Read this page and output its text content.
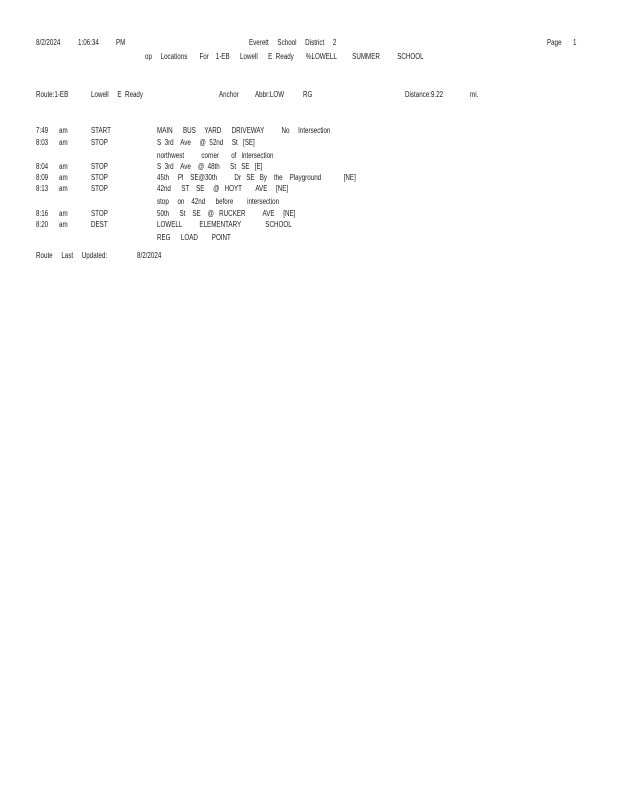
8/2/2024 1:06:34 PM	Everett     School     District     2	Page 1
op     Locations       For    1-EB      Lowell      E  Ready       %LOWELL         SUMMER          SCHOOL
Route:1-EB	Lowell     E  Ready	Anchor Abbr:LOW RG	Distance:9.22	mi.
7:49 am	START	MAIN      BUS     YARD      DRIVEWAY          No     Intersection
8:03 am	STOP	S  3rd    Ave     @  52nd     St   [SE]
northwest          corner       of   intersection
8:04 am	STOP	S  3rd    Ave    @  48th      St   SE   [E]
8:09 am	STOP	45th     Pl    SE@30th          Dr   SE   By    the    Playground             [NE]
8:13 am	STOP	42nd      ST    SE     @   HOYT        AVE     [NE]
stop     on    42nd      before        intersection
8:16 am	STOP	50th      St    SE    @   RUCKER          AVE     [NE]
8:20 am	DEST	LOWELL          ELEMENTARY              SCHOOL
REG      LOAD        POINT
Route     Last     Updated:	8/2/2024
